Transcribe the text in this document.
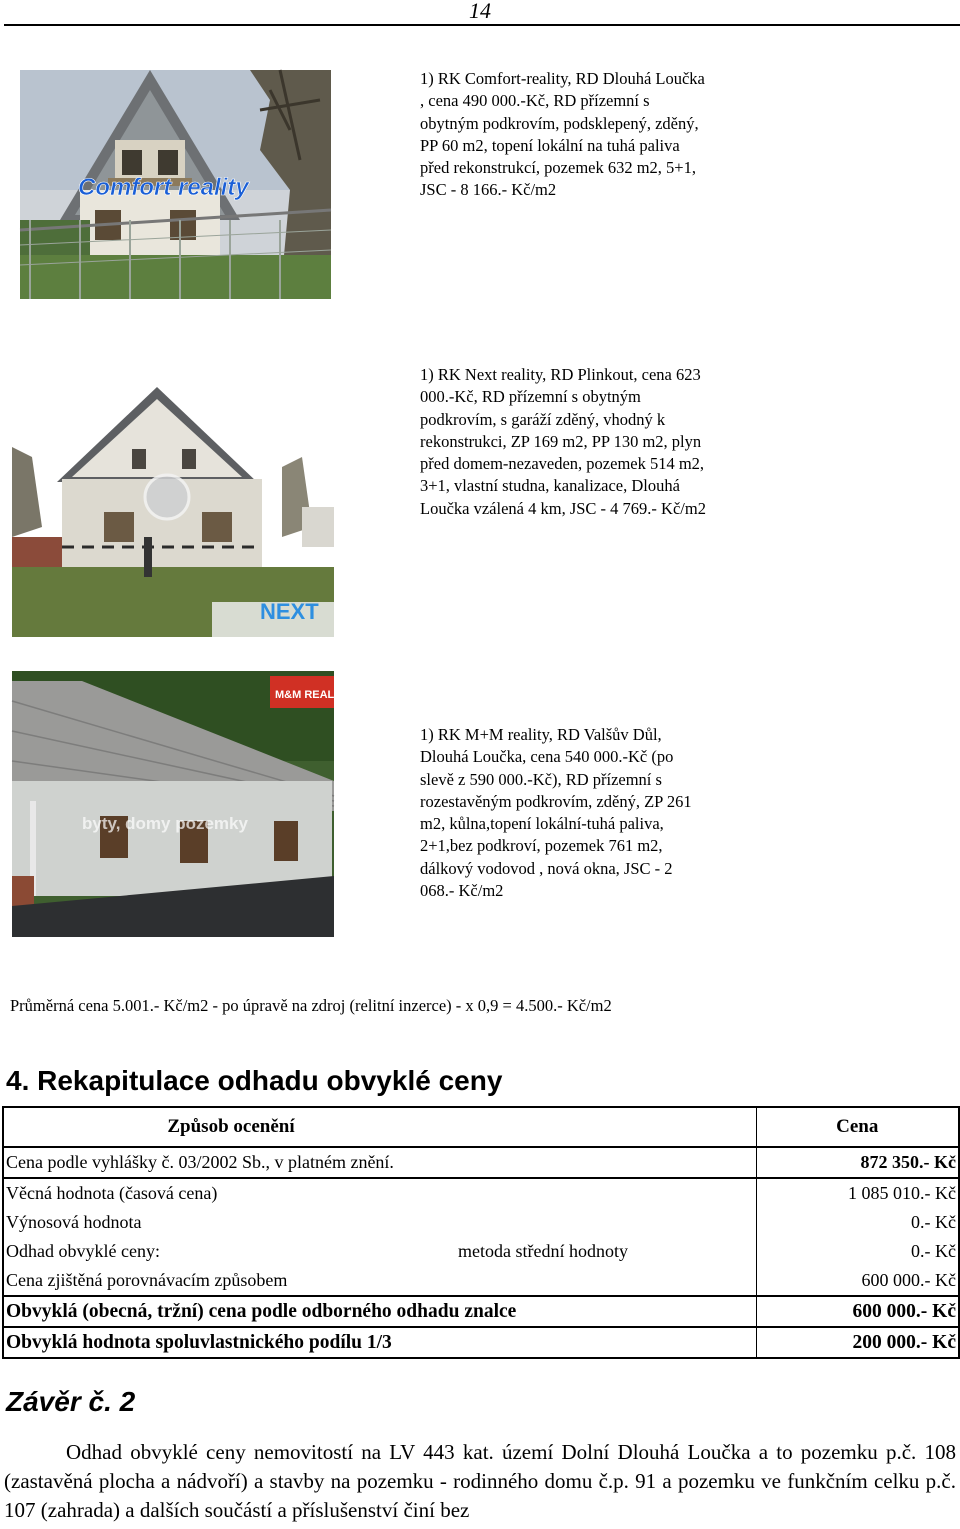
14
Comfort reality
1) RK Comfort-reality, RD Dlouhá Loučka , cena 490 000.-Kč, RD přízemní s obytným podkrovím, podsklepený, zděný, PP 60 m2, topení lokální na tuhá paliva před rekonstrukcí, pozemek 632 m2, 5+1, JSC - 8 166.- Kč/m2
NEXT
1) RK Next reality, RD Plinkout, cena 623 000.-Kč, RD přízemní s obytným podkrovím, s garáží zděný, vhodný k rekonstrukci, ZP 169 m2, PP 130 m2, plyn před domem-nezaveden, pozemek 514 m2, 3+1, vlastní studna, kanalizace, Dlouhá Loučka vzálená 4 km, JSC - 4 769.- Kč/m2
M&M REALITY
byty, domy pozemky
1) RK M+M reality, RD Valšův Důl, Dlouhá Loučka, cena 540 000.-Kč (po slevě z 590 000.-Kč), RD přízemní s rozestavěným podkrovím, zděný, ZP 261 m2, kůlna,topení lokální-tuhá paliva, 2+1,bez podkroví, pozemek 761 m2, dálkový vodovod , nová okna, JSC - 2 068.- Kč/m2
Průměrná cena 5.001.- Kč/m2 - po úpravě na zdroj (relitní inzerce) - x 0,9 = 4.500.- Kč/m2
4. Rekapitulace odhadu obvyklé ceny
Způsob ocenění		Cena
Cena podle vyhlášky č. 03/2002 Sb., v platném znění.		872 350.- Kč
Věcná hodnota (časová cena)		1 085 010.- Kč
Výnosová hodnota		0.- Kč
Odhad obvyklé ceny:	metoda střední hodnoty	0.- Kč
Cena zjištěná porovnávacím způsobem		600 000.- Kč
Obvyklá (obecná, tržní) cena podle odborného odhadu znalce		600 000.- Kč
Obvyklá hodnota spoluvlastnického podílu 1/3		200 000.- Kč
Závěr č. 2
Odhad obvyklé ceny nemovitostí na LV 443 kat. území Dolní Dlouhá Loučka a to pozemku p.č. 108 (zastavěná plocha a nádvoří) a stavby na pozemku - rodinného domu č.p. 91 a pozemku ve funkčním celku p.č. 107 (zahrada) a dalších součástí a příslušenství činí bez
